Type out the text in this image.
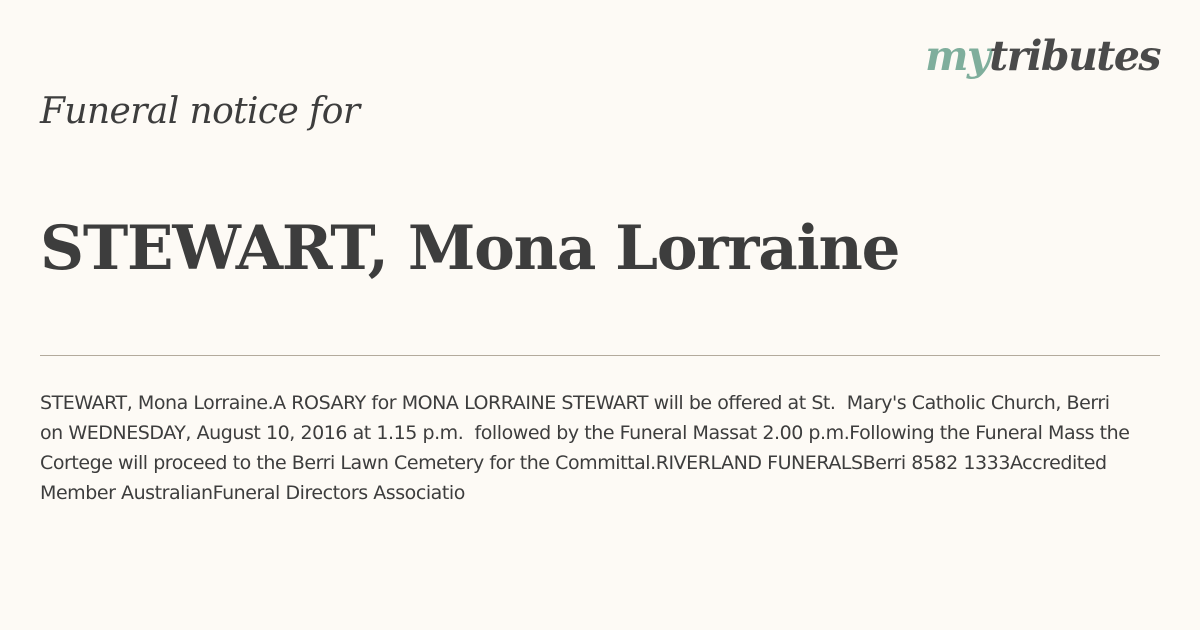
mytributes
Funeral notice for
STEWART, Mona Lorraine
STEWART, Mona Lorraine.A ROSARY for MONA LORRAINE STEWART will be offered at St.  Mary's Catholic Church, Berri on WEDNESDAY, August 10, 2016 at 1.15 p.m.  followed by the Funeral Massat 2.00 p.m.Following the Funeral Mass the Cortege will proceed to the Berri Lawn Cemetery for the Committal.RIVERLAND FUNERALSBerri 8582 1333Accredited Member AustralianFuneral Directors Associatio
